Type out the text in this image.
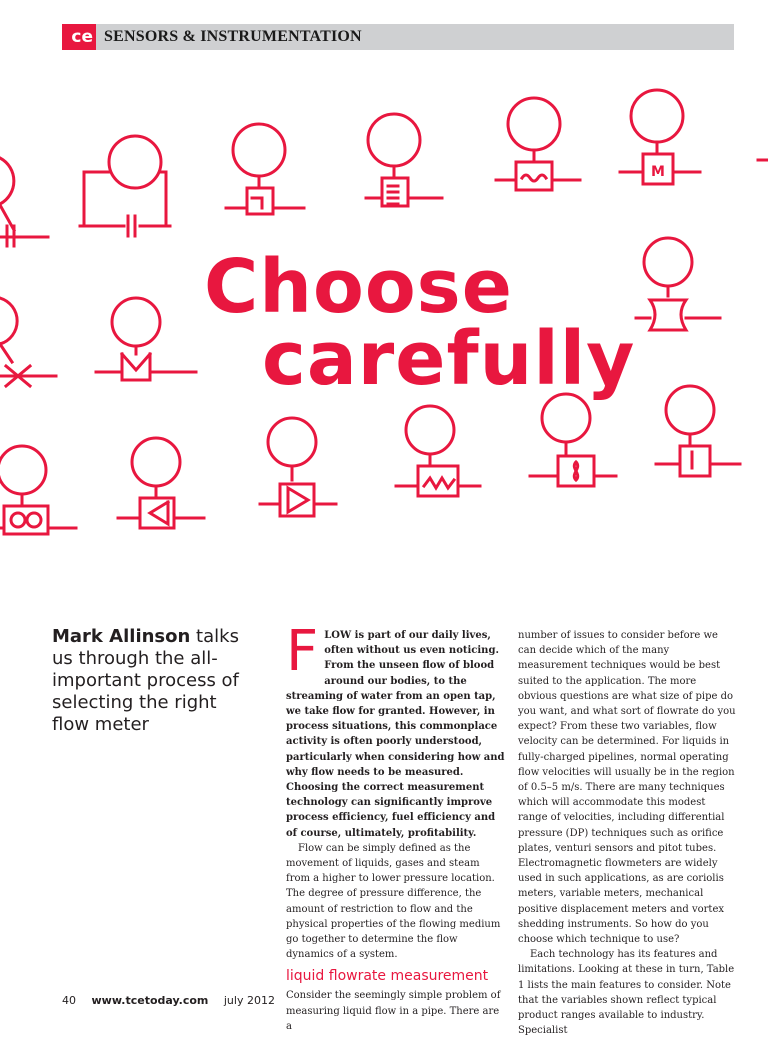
ce SENSORS & INSTRUMENTATION
M
Choose
carefully
Mark Allinson talks us through the all-important process of selecting the right flow meter

FLOW is part of our daily lives, often without us even noticing. From the unseen flow of blood around our bodies, to the streaming of water from an open tap, we take flow for granted. However, in process situations, this commonplace activity is often poorly understood, particularly when considering how and why flow needs to be measured. Choosing the correct measurement technology can significantly improve process efficiency, fuel efficiency and of course, ultimately, profitability.

Flow can be simply defined as the movement of liquids, gases and steam from a higher to lower pressure location. The degree of pressure difference, the amount of restriction to flow and the physical properties of the flowing medium go together to determine the flow dynamics of a system.

liquid flowrate measurement

Consider the seemingly simple problem of measuring liquid flow in a pipe. There are a

number of issues to consider before we can decide which of the many measurement techniques would be best suited to the application. The more obvious questions are what size of pipe do you want, and what sort of flowrate do you expect? From these two variables, flow velocity can be determined. For liquids in fully-charged pipelines, normal operating flow velocities will usually be in the region of 0.5–5 m/s. There are many techniques which will accommodate this modest range of velocities, including differential pressure (DP) techniques such as orifice plates, venturi sensors and pitot tubes. Electromagnetic flowmeters are widely used in such applications, as are coriolis meters, variable meters, mechanical positive displacement meters and vortex shedding instruments. So how do you choose which technique to use?

Each technology has its features and limitations. Looking at these in turn, Table 1 lists the main features to consider. Note that the variables shown reflect typical product ranges available to industry. Specialist

40 www.tcetoday.com july 2012
